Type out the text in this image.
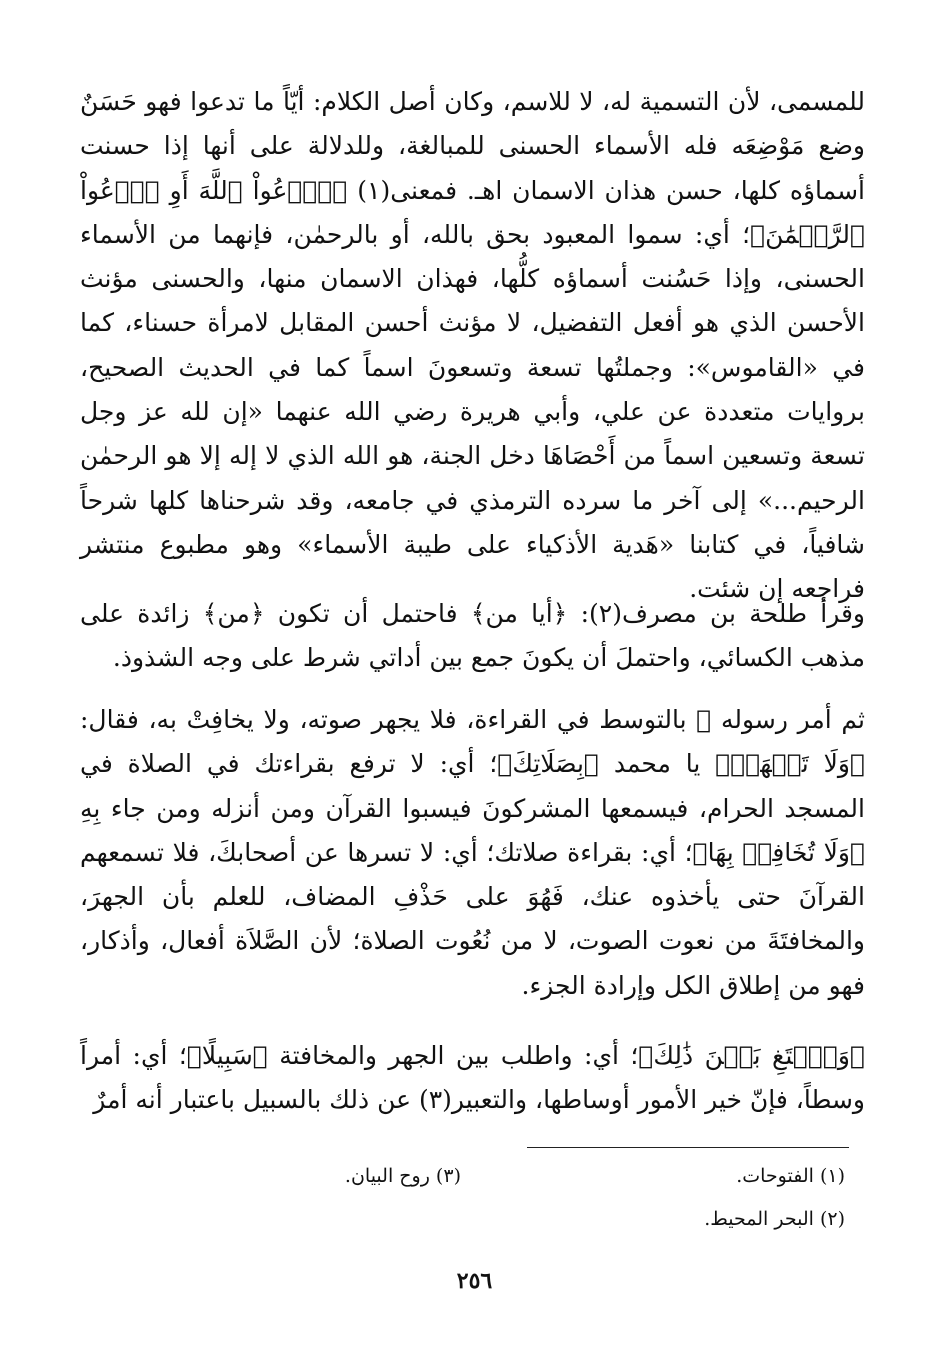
للمسمى، لأن التسمية له، لا للاسم، وكان أصل الكلام: أيّاً ما تدعوا فهو حَسَنٌ وضع مَوْضِعَه فله الأسماء الحسنى للمبالغة، وللدلالة على أنها إذا حسنت أسماؤه كلها، حسن هذان الاسمان اهـ. فمعنى(١) ﴿ٱدۡعُواْ ٱللَّهَ أَوِ ٱدۡعُواْ ٱلرَّحۡمَٰنَ﴾؛ أي: سموا المعبود بحق بالله، أو بالرحمٰن، فإنهما من الأسماء الحسنى، وإذا حَسُنت أسماؤه كلُّها، فهذان الاسمان منها، والحسنى مؤنث الأحسن الذي هو أفعل التفضيل، لا مؤنث أحسن المقابل لامرأة حسناء، كما في «القاموس»: وجملتُها تسعة وتسعونَ اسماً كما في الحديث الصحيح، بروايات متعددة عن علي، وأبي هريرة رضي الله عنهما «إن لله عز وجل تسعة وتسعين اسماً من أَحْصَاهَا دخل الجنة، هو الله الذي لا إله إلا هو الرحمٰن الرحيم...» إلى آخر ما سرده الترمذي في جامعه، وقد شرحناها كلها شرحاً شافياً، في كتابنا «هَدية الأذكياء على طيبة الأسماء» وهو مطبوع منتشر فراجعه إن شئت.

وقرأ طلحة بن مصرف(٢): ﴿أيا من﴾ فاحتمل أن تكون ﴿من﴾ زائدة على مذهب الكسائي، واحتملَ أن يكونَ جمع بين أداتي شرط على وجه الشذوذ.

ثم أمر رسوله ﷺ بالتوسط في القراءة، فلا يجهر صوته، ولا يخافِتْ به، فقال: ﴿وَلَا تَجۡهَرۡ﴾ يا محمد ﴿بِصَلَاتِكَ﴾؛ أي: لا ترفع بقراءتك في الصلاة في المسجد الحرام، فيسمعها المشركونَ فيسبوا القرآن ومن أنزله ومن جاء بِهِ ﴿وَلَا تُخَافِتۡ بِهَا﴾؛ أي: بقراءة صلاتك؛ أي: لا تسرها عن أصحابكَ، فلا تسمعهم القرآنَ حتى يأخذوه عنك، فَهُوَ على حَذْفِ المضاف، للعلم بأن الجهرَ، والمخافتَةَ من نعوت الصوت، لا من نُعُوت الصلاة؛ لأن الصَّلاَة أفعال، وأذكار، فهو من إطلاق الكل وإرادة الجزء.

﴿وَٱبۡتَغِ بَيۡنَ ذَٰلِكَ﴾؛ أي: واطلب بين الجهر والمخافتة ﴿سَبِيلًا﴾؛ أي: أمراً وسطاً، فإنّ خير الأمور أوساطها، والتعبير(٣) عن ذلك بالسبيل باعتبار أنه أمرٌ

(١) الفتوحات.
(٣) روح البيان.
(٢) البحر المحيط.
٢٥٦
